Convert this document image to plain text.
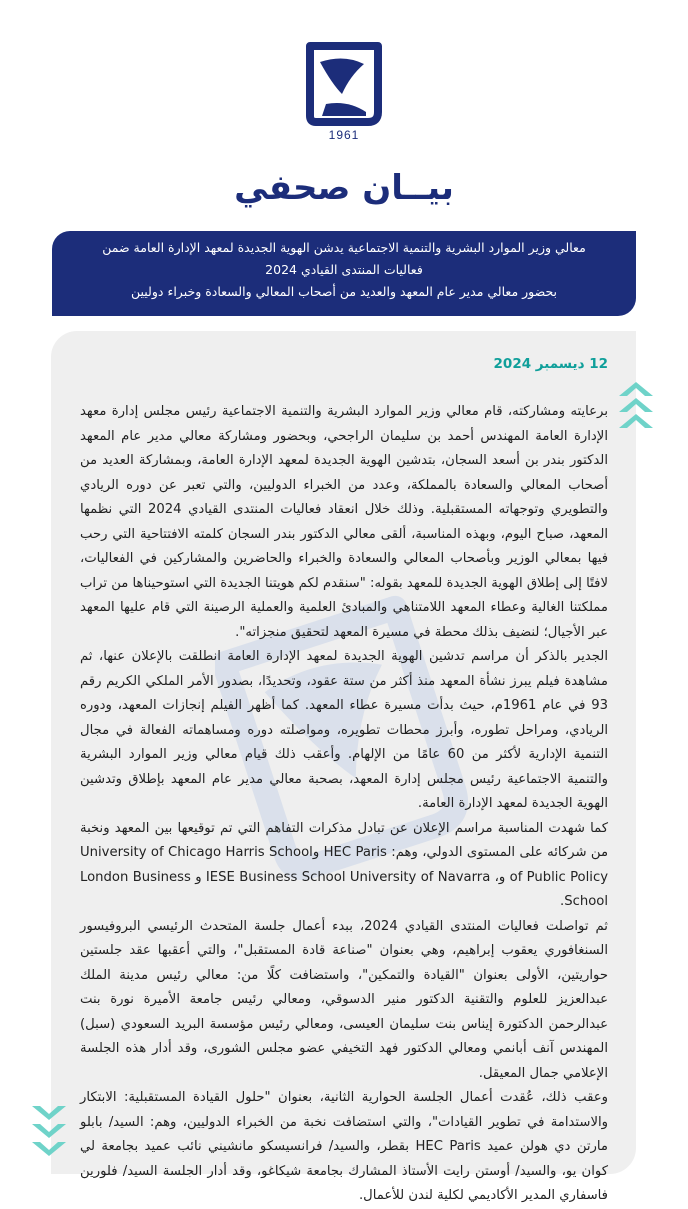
1961
بيــان صحفي
معالي وزير الموارد البشرية والتنمية الاجتماعية يدشن الهوية الجديدة لمعهد الإدارة العامة ضمن
فعاليات المنتدى القيادي 2024
بحضور معالي مدير عام المعهد والعديد من أصحاب المعالي والسعادة وخبراء دوليين
12 ديسمبر 2024

برعايته ومشاركته، قام معالي وزير الموارد البشرية والتنمية الاجتماعية رئيس مجلس إدارة معهد الإدارة العامة المهندس أحمد بن سليمان الراجحي، وبحضور ومشاركة معالي مدير عام المعهد الدكتور بندر بن أسعد السجان، بتدشين الهوية الجديدة لمعهد الإدارة العامة، وبمشاركة العديد من أصحاب المعالي والسعادة بالمملكة، وعدد من الخبراء الدوليين، والتي تعبر عن دوره الريادي والتطويري وتوجهاته المستقبلية. وذلك خلال انعقاد فعاليات المنتدى القيادي 2024 التي نظمها المعهد، صباح اليوم، وبهذه المناسبة، ألقى معالي الدكتور بندر السجان كلمته الافتتاحية التي رحب فيها بمعالي الوزير وبأصحاب المعالي والسعادة والخبراء والحاضرين والمشاركين في الفعاليات، لافتًا إلى إطلاق الهوية الجديدة للمعهد بقوله: "سنقدم لكم هويتنا الجديدة التي استوحيناها من تراب مملكتنا الغالية وعطاء المعهد اللامتناهي والمبادئ العلمية والعملية الرصينة التي قام عليها المعهد عبر الأجيال؛ لنضيف بذلك محطة في مسيرة المعهد لتحقيق منجزاته".

الجدير بالذكر أن مراسم تدشين الهوية الجديدة لمعهد الإدارة العامة انطلقت بالإعلان عنها، ثم مشاهدة فيلم يبرز نشأة المعهد منذ أكثر من ستة عقود، وتحديدًا، بصدور الأمر الملكي الكريم رقم 93 في عام 1961م، حيث بدأت مسيرة عطاء المعهد. كما أظهر الفيلم إنجازات المعهد، ودوره الريادي، ومراحل تطوره، وأبرز محطات تطويره، ومواصلته دوره ومساهماته الفعالة في مجال التنمية الإدارية لأكثر من 60 عامًا من الإلهام. وأعقب ذلك قيام معالي وزير الموارد البشرية والتنمية الاجتماعية رئيس مجلس إدارة المعهد، بصحبة معالي مدير عام المعهد بإطلاق وتدشين الهوية الجديدة لمعهد الإدارة العامة.

كما شهدت المناسبة مراسم الإعلان عن تبادل مذكرات التفاهم التي تم توقيعها بين المعهد ونخبة من شركائه على المستوى الدولي، وهم: HEC Paris وUniversity of Chicago Harris School of Public Policy و، IESE Business School University of Navarra و London Business School.

ثم تواصلت فعاليات المنتدى القيادي 2024، ببدء أعمال جلسة المتحدث الرئيسي البروفيسور السنغافوري يعقوب إبراهيم، وهي بعنوان "صناعة قادة المستقبل"، والتي أعقبها عقد جلستين حواريتين، الأولى بعنوان "القيادة والتمكين"، واستضافت كلًا من: معالي رئيس مدينة الملك عبدالعزيز للعلوم والتقنية الدكتور منير الدسوقي، ومعالي رئيس جامعة الأميرة نورة بنت عبدالرحمن الدكتورة إيناس بنت سليمان العيسى، ومعالي رئيس مؤسسة البريد السعودي (سبل) المهندس آنف أبانمي ومعالي الدكتور فهد التخيفي عضو مجلس الشورى، وقد أدار هذه الجلسة الإعلامي جمال المعيقل.

وعقب ذلك، عُقدت أعمال الجلسة الحوارية الثانية، بعنوان "حلول القيادة المستقبلية: الابتكار والاستدامة في تطوير القيادات"، والتي استضافت نخبة من الخبراء الدوليين، وهم: السيد/ بابلو مارتن دي هولن عميد HEC Paris بقطر، والسيد/ فرانسيسكو مانشيني نائب عميد بجامعة لي كوان يو، والسيد/ أوستن رايت الأستاذ المشارك بجامعة شيكاغو، وقد أدار الجلسة السيد/ فلورين فاسفاري المدير الأكاديمي لكلية لندن للأعمال.
